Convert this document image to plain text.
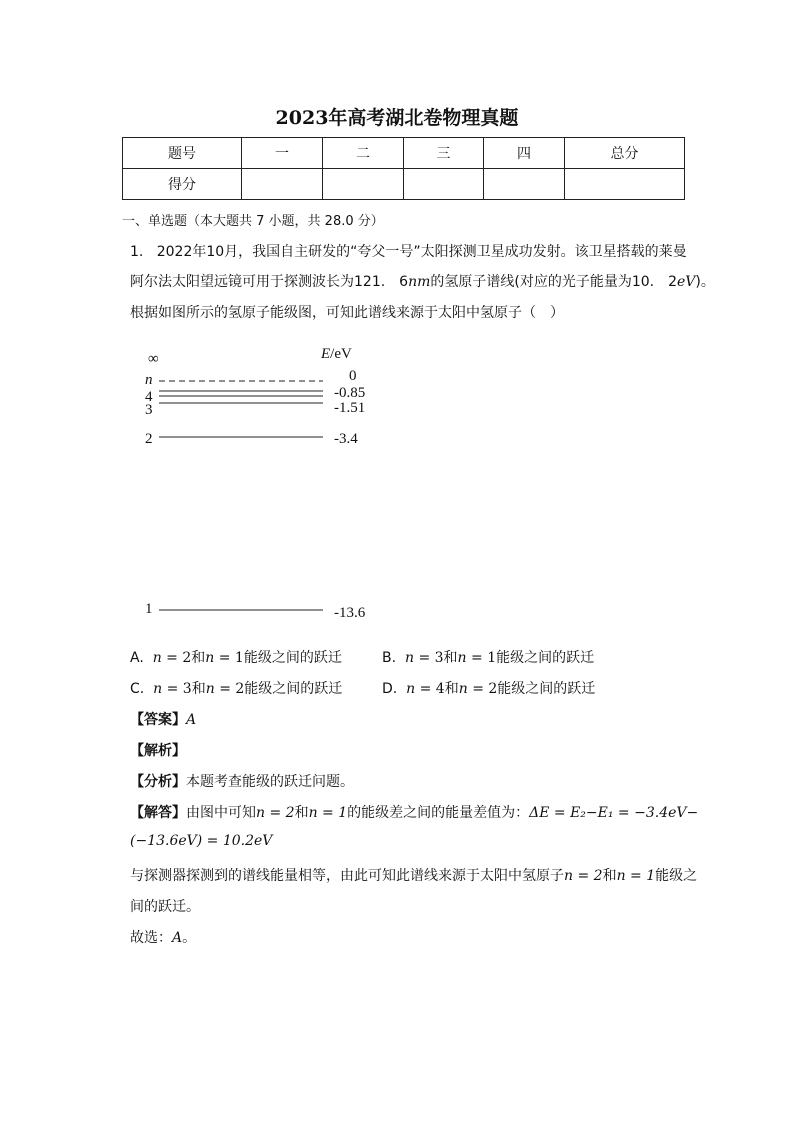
2023年高考湖北卷物理真题
题号	一	二	三	四	总分
得分					
一、单选题（本大题共 7 小题，共 28.0 分）
1. 2022年10月，我国自主研发的“夸父一号”太阳探测卫星成功发射。该卫星搭载的莱曼
阿尔法太阳望远镜可用于探测波长为121.　6nm的氢原子谱线(对应的光子能量为10.　2eV)。
根据如图所示的氢原子能级图，可知此谱线来源于太阳中氢原子（　）
∞	E/eV
n	0
4	-0.85
3	-1.51
2	-3.4
1	-13.6
A. n = 2和n = 1能级之间的跃迁	B. n = 3和n = 1能级之间的跃迁
C. n = 3和n = 2能级之间的跃迁	D. n = 4和n = 2能级之间的跃迁
【答案】A
【解析】
【分析】本题考查能级的跃迁问题。
【解答】由图中可知n = 2和n = 1的能级差之间的能量差值为：ΔE = E₂−E₁ = −3.4eV−
(−13.6eV) = 10.2eV
与探测器探测到的谱线能量相等，由此可知此谱线来源于太阳中氢原子n = 2和n = 1能级之
间的跃迁。
故选：A。
